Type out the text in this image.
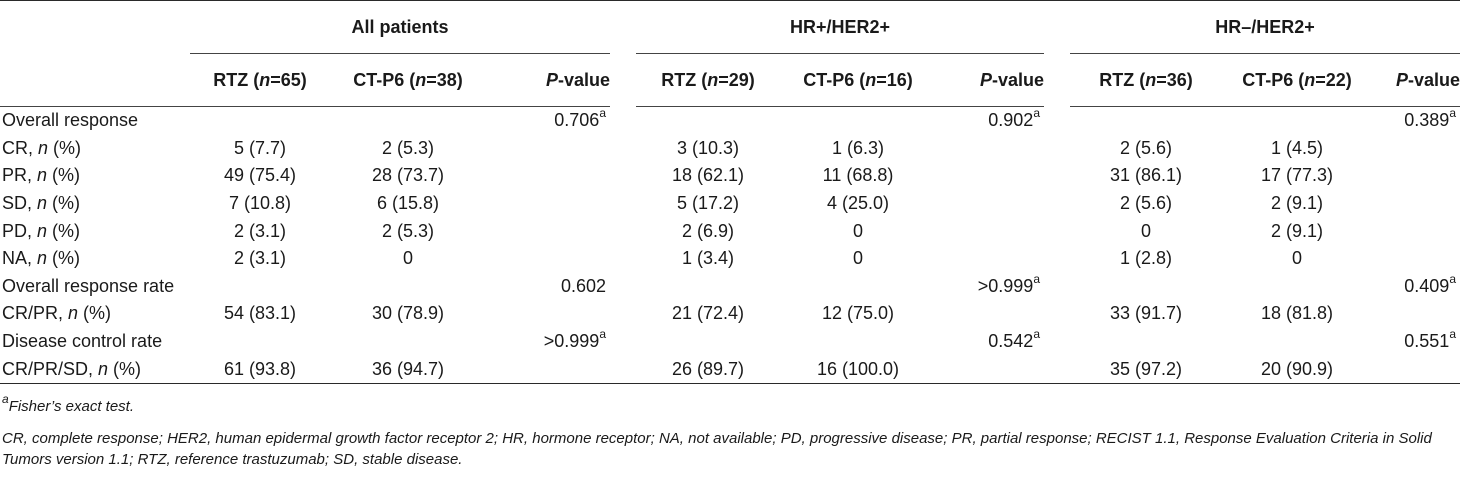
	All patients				HR+/HER2+				HR–/HER2+		
	RTZ (n=65)	CT-P6 (n=38)	P-value		RTZ (n=29)	CT-P6 (n=16)	P-value		RTZ (n=36)	CT-P6 (n=22)	P-value
Overall response			0.706$^a$				0.902$^a$				0.389$^a$
CR, n (%)	5 (7.7)	2 (5.3)			3 (10.3)	1 (6.3)			2 (5.6)	1 (4.5)	
PR, n (%)	49 (75.4)	28 (73.7)			18 (62.1)	11 (68.8)			31 (86.1)	17 (77.3)	
SD, n (%)	7 (10.8)	6 (15.8)			5 (17.2)	4 (25.0)			2 (5.6)	2 (9.1)	
PD, n (%)	2 (3.1)	2 (5.3)			2 (6.9)	0			0	2 (9.1)	
NA, n (%)	2 (3.1)	0			1 (3.4)	0			1 (2.8)	0	
Overall response rate			0.602				>0.999$^a$				0.409$^a$
CR/PR, n (%)	54 (83.1)	30 (78.9)			21 (72.4)	12 (75.0)			33 (91.7)	18 (81.8)	
Disease control rate			>0.999$^a$				0.542$^a$				0.551$^a$
CR/PR/SD, n (%)	61 (93.8)	36 (94.7)			26 (89.7)	16 (100.0)			35 (97.2)	20 (90.9)	

$^a$Fisher’s exact test.
CR, complete response; HER2, human epidermal growth factor receptor 2; HR, hormone receptor; NA, not available; PD, progressive disease; PR, partial response; RECIST 1.1, Response Evaluation Criteria in Solid Tumors version 1.1; RTZ, reference trastuzumab; SD, stable disease.
